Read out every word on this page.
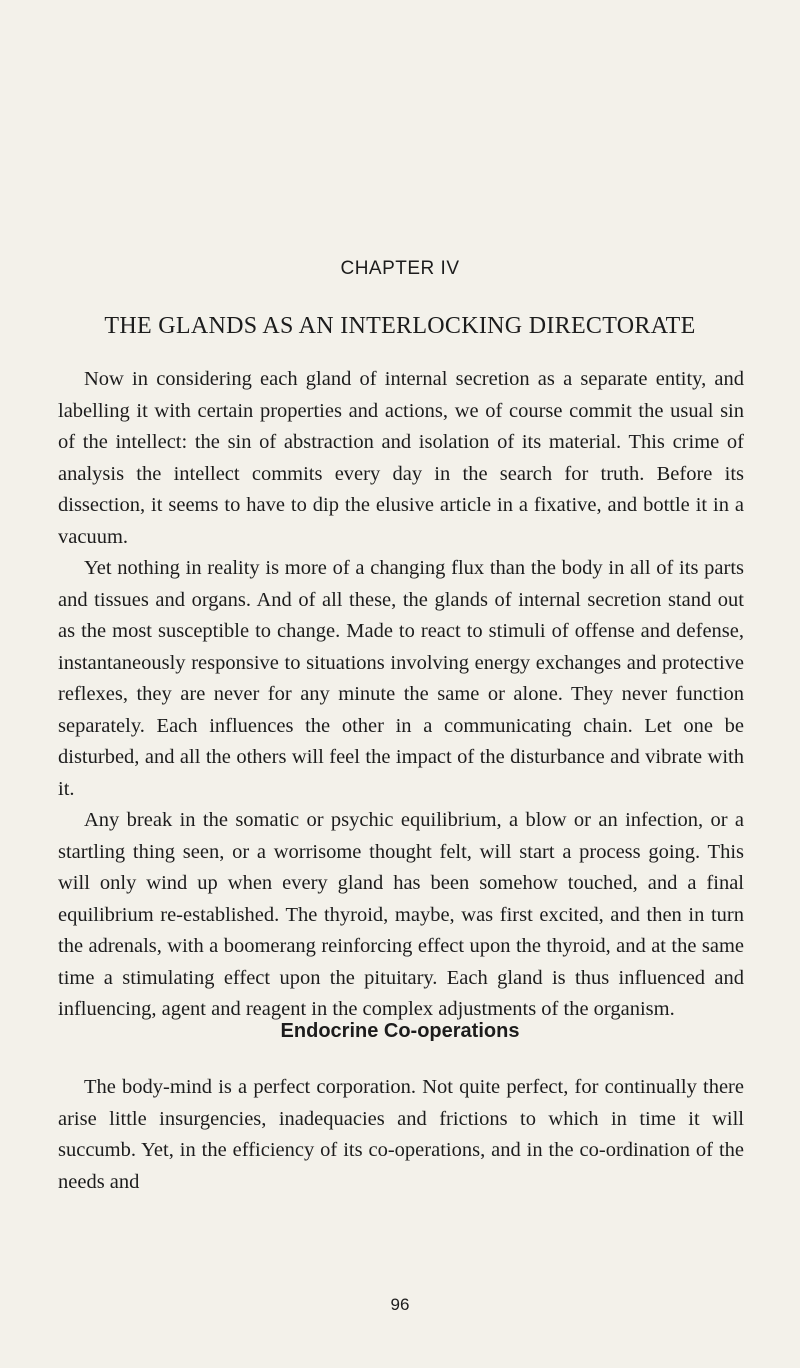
CHAPTER IV
THE GLANDS AS AN INTERLOCKING DIRECTORATE

Now in considering each gland of internal secretion as a separate entity, and labelling it with certain properties and actions, we of course commit the usual sin of the intellect: the sin of abstraction and isolation of its material. This crime of analysis the intellect commits every day in the search for truth. Before its dissection, it seems to have to dip the elusive article in a fixative, and bottle it in a vacuum.

Yet nothing in reality is more of a changing flux than the body in all of its parts and tissues and organs. And of all these, the glands of internal secretion stand out as the most susceptible to change. Made to react to stimuli of offense and defense, instantaneously responsive to situations involving energy exchanges and protective reflexes, they are never for any minute the same or alone. They never function separately. Each influences the other in a communicating chain. Let one be disturbed, and all the others will feel the impact of the disturbance and vibrate with it.

Any break in the somatic or psychic equilibrium, a blow or an infection, or a startling thing seen, or a worrisome thought felt, will start a process going. This will only wind up when every gland has been somehow touched, and a final equilibrium re-established. The thyroid, maybe, was first excited, and then in turn the adrenals, with a boomerang reinforcing effect upon the thyroid, and at the same time a stimulating effect upon the pituitary. Each gland is thus influenced and influencing, agent and reagent in the complex adjustments of the organism.

Endocrine Co-operations

The body-mind is a perfect corporation. Not quite perfect, for continually there arise little insurgencies, inadequacies and frictions to which in time it will succumb. Yet, in the efficiency of its co-operations, and in the co-ordination of the needs and

96
